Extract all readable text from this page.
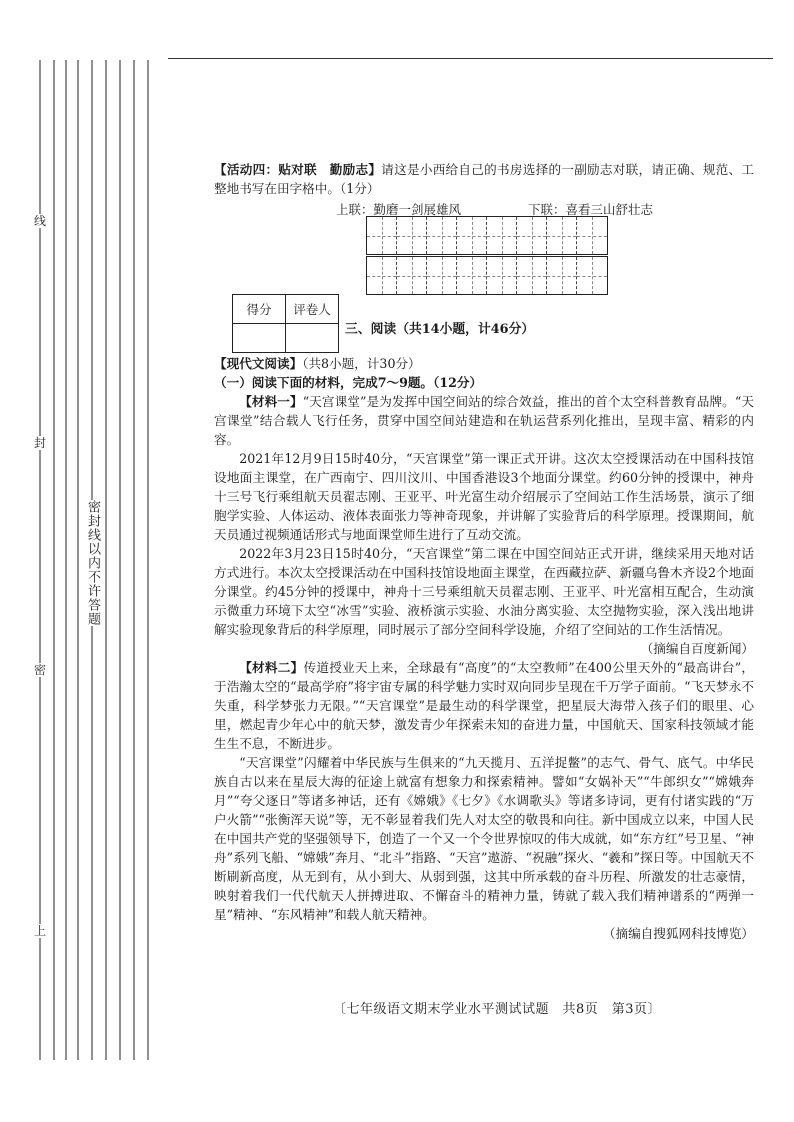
线
封
密
上
密封线以内不许答题

【活动四：贴对联　勤励志】请这是小西给自己的书房选择的一副励志对联，请正确、规范、工整地书写在田字格中。（1分）

上联：勤磨一剑展雄风	下联：喜看三山舒壮志
得分	评卷人

三、阅读（共14小题，计46分）

【现代文阅读】（共8小题，计30分）

（一）阅读下面的材料，完成7～9题。（12分）

【材料一】“天宫课堂”是为发挥中国空间站的综合效益，推出的首个太空科普教育品牌。“天宫课堂”结合载人飞行任务，贯穿中国空间站建造和在轨运营系列化推出，呈现丰富、精彩的内容。

2021年12月9日15时40分，“天宫课堂”第一课正式开讲。这次太空授课活动在中国科技馆设地面主课堂，在广西南宁、四川汶川、中国香港设3个地面分课堂。约60分钟的授课中，神舟十三号飞行乘组航天员翟志刚、王亚平、叶光富生动介绍展示了空间站工作生活场景，演示了细胞学实验、人体运动、液体表面张力等神奇现象，并讲解了实验背后的科学原理。授课期间，航天员通过视频通话形式与地面课堂师生进行了互动交流。

2022年3月23日15时40分，“天宫课堂”第二课在中国空间站正式开讲，继续采用天地对话方式进行。本次太空授课活动在中国科技馆设地面主课堂，在西藏拉萨、新疆乌鲁木齐设2个地面分课堂。约45分钟的授课中，神舟十三号乘组航天员翟志刚、王亚平、叶光富相互配合，生动演示微重力环境下太空“冰雪”实验、液桥演示实验、水油分离实验、太空抛物实验，深入浅出地讲解实验现象背后的科学原理，同时展示了部分空间科学设施，介绍了空间站的工作生活情况。

（摘编自百度新闻）

【材料二】传道授业天上来，全球最有“高度”的“太空教师”在400公里天外的“最高讲台”，于浩瀚太空的“最高学府”将宇宙专属的科学魅力实时双向同步呈现在千万学子面前。“飞天梦永不失重，科学梦张力无限。”“天宫课堂”是最生动的科学课堂，把星辰大海带入孩子们的眼里、心里，燃起青少年心中的航天梦，激发青少年探索未知的奋进力量，中国航天、国家科技领域才能生生不息，不断进步。

“天宫课堂”闪耀着中华民族与生俱来的“九天揽月、五洋捉鳖”的志气、骨气、底气。中华民族自古以来在星辰大海的征途上就富有想象力和探索精神。譬如“女娲补天”“牛郎织女”“嫦娥奔月”“夸父逐日”等诸多神话，还有《嫦娥》《七夕》《水调歌头》等诸多诗词，更有付诸实践的“万户火箭”“张衡浑天说”等，无不彰显着我们先人对太空的敬畏和向往。新中国成立以来，中国人民在中国共产党的坚强领导下，创造了一个又一个令世界惊叹的伟大成就，如“东方红”号卫星、“神舟”系列飞船、“嫦娥”奔月、“北斗”指路、“天宫”遨游、“祝融”探火、“羲和”探日等。中国航天不断刷新高度，从无到有，从小到大、从弱到强，这其中所承载的奋斗历程、所激发的壮志豪情，映射着我们一代代航天人拼搏进取、不懈奋斗的精神力量，铸就了载入我们精神谱系的“两弹一星”精神、“东风精神”和载人航天精神。

（摘编自搜狐网科技博览）

〔七年级语文期末学业水平测试试题　共8页　第3页〕
